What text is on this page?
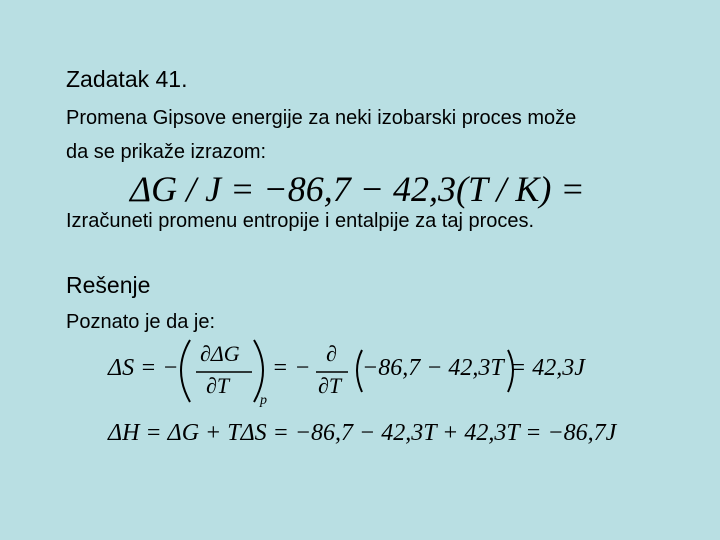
Zadatak 41.
Promena Gipsove energije za neki izobarski proces može
da se prikaže izrazom:
ΔG / J = −86,7 − 42,3(T / K) =
Izračuneti promenu entropije i entalpije za taj proces.
Rešenje
Poznato je da je:
ΔS = −
∂ΔG
∂T
p
= −
∂
∂T
−86,7 − 42,3T = 42,3J
ΔH = ΔG + TΔS = −86,7 − 42,3T + 42,3T = −86,7J
